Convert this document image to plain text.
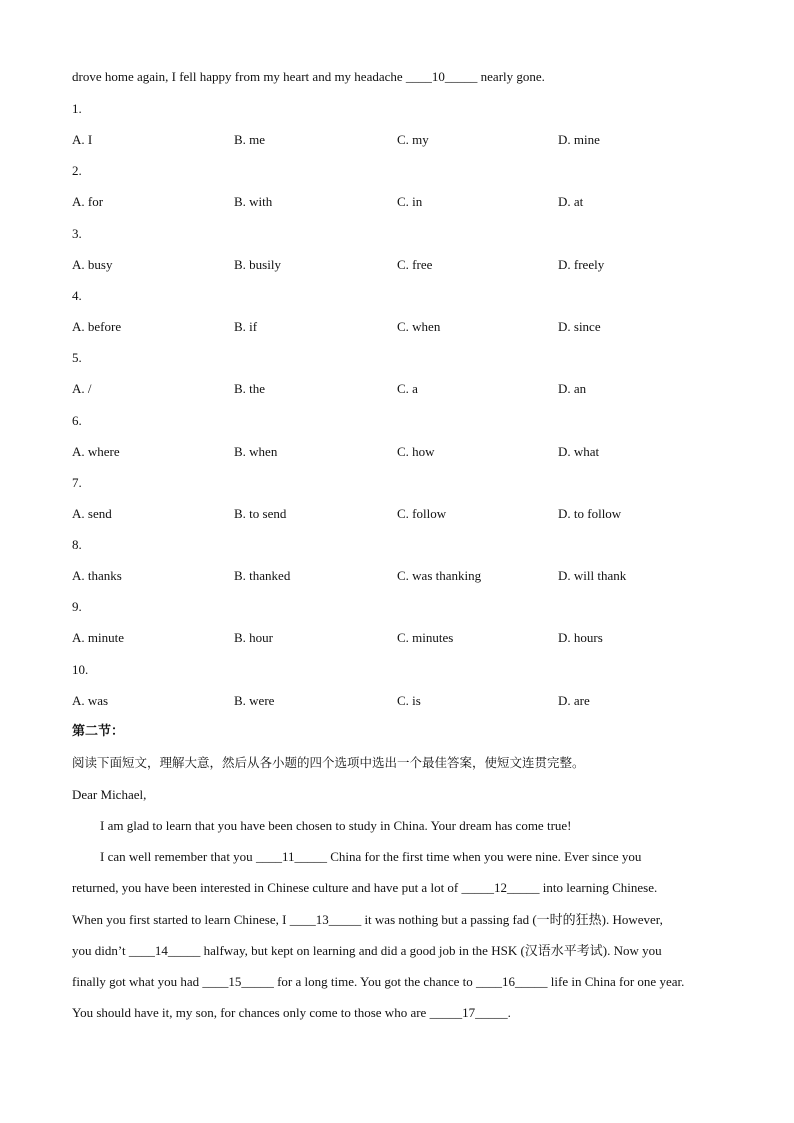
drove home again, I fell happy from my heart and my headache ____10_____ nearly gone.
1.
A. I	B. me	C. my	D. mine
2.
A. for	B. with	C. in	D. at
3.
A. busy	B. busily	C. free	D. freely
4.
A. before	B. if	C. when	D. since
5.
A. /	B. the	C. a	D. an
6.
A. where	B. when	C. how	D. what
7.
A. send	B. to send	C. follow	D. to follow
8.
A. thanks	B. thanked	C. was thanking	D. will thank
9.
A. minute	B. hour	C. minutes	D. hours
10.
A. was	B. were	C. is	D. are
第二节：
阅读下面短文，理解大意，然后从各小题的四个选项中选出一个最佳答案，使短文连贯完整。
Dear Michael,
I am glad to learn that you have been chosen to study in China. Your dream has come true!
I can well remember that you ____11_____ China for the first time when you were nine. Ever since you
returned, you have been interested in Chinese culture and have put a lot of _____12_____ into learning Chinese.
When you first started to learn Chinese, I ____13_____ it was nothing but a passing fad (一时的狂热). However,
you didn’t ____14_____ halfway, but kept on learning and did a good job in the HSK (汉语水平考试). Now you
finally got what you had ____15_____ for a long time. You got the chance to ____16_____ life in China for one year.
You should have it, my son, for chances only come to those who are _____17_____.
